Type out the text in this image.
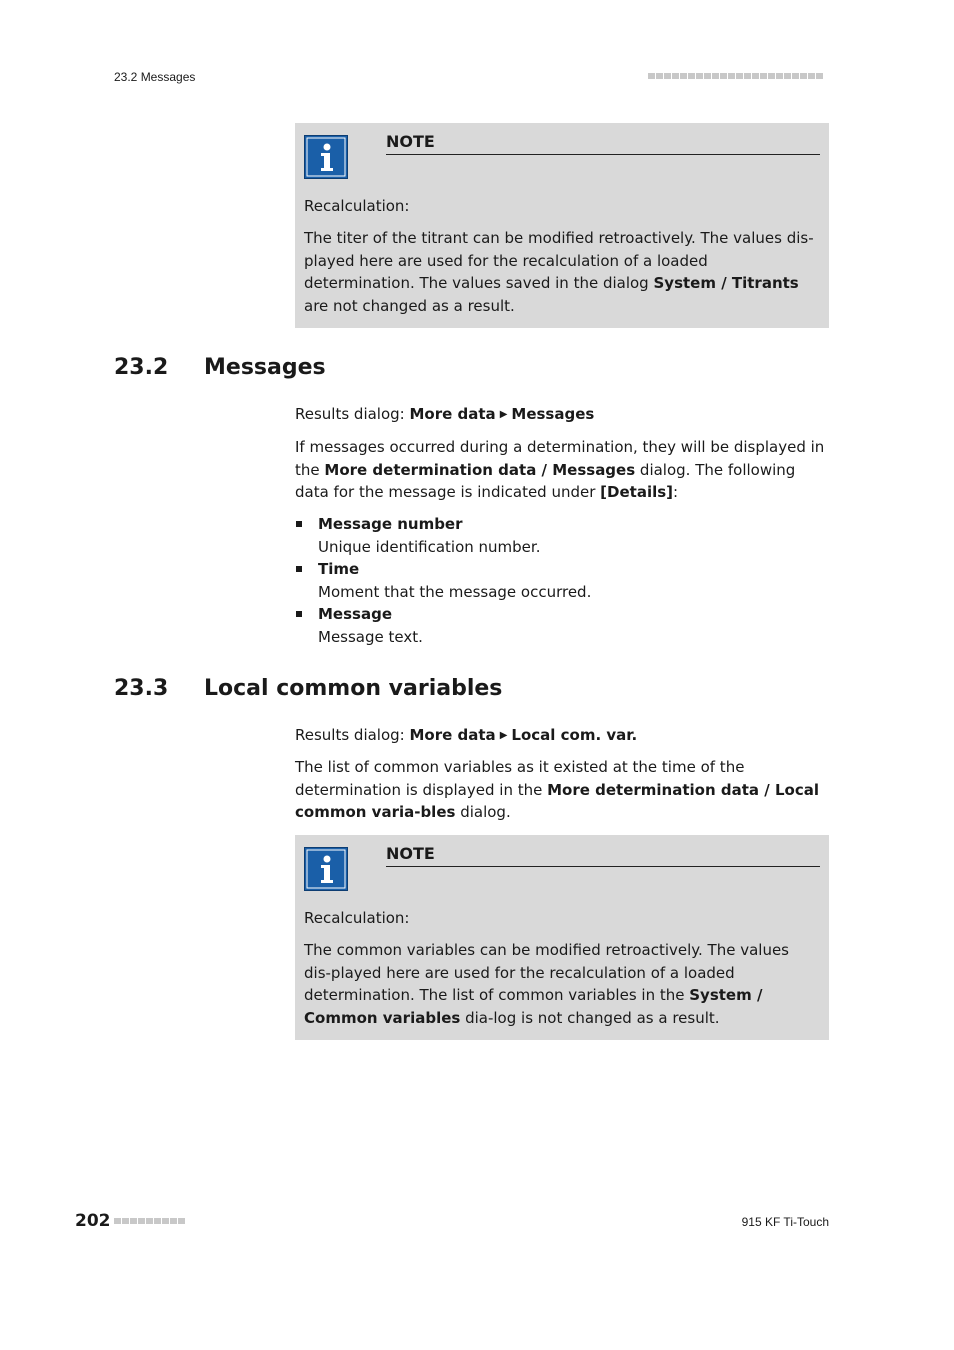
23.2 Messages
NOTE
Recalculation:

The titer of the titrant can be modified retroactively. The values dis-played here are used for the recalculation of a loaded determination. The values saved in the dialog System / Titrants are not changed as a result.

23.2 Messages

Results dialog: More data ▶ Messages

If messages occurred during a determination, they will be displayed in the More determination data / Messages dialog. The following data for the message is indicated under [Details]:

Message number
Unique identification number.
Time
Moment that the message occurred.
Message
Message text.
23.3 Local common variables

Results dialog: More data ▶ Local com. var.

The list of common variables as it existed at the time of the determination is displayed in the More determination data / Local common varia-bles dialog.

NOTE
Recalculation:

The common variables can be modified retroactively. The values dis-played here are used for the recalculation of a loaded determination. The list of common variables in the System / Common variables dia-log is not changed as a result.

202	915 KF Ti-Touch
